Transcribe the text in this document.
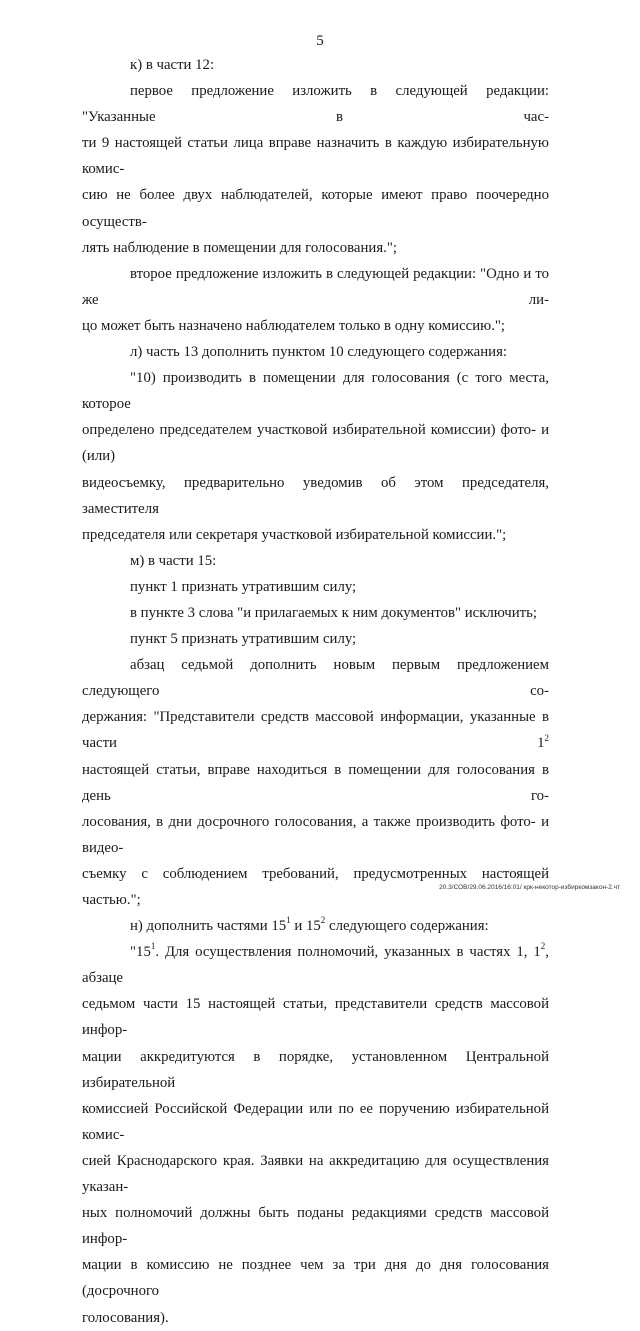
5

к) в части 12:

первое предложение изложить в следующей редакции: "Указанные в час-

ти 9 настоящей статьи лица вправе назначить в каждую избирательную комис-
сию не более двух наблюдателей, которые имеют право поочередно осуществ-
лять наблюдение в помещении для голосования.";

второе предложение изложить в следующей редакции: "Одно и то же ли-

цо может быть назначено наблюдателем только в одну комиссию.";

л) часть 13 дополнить пунктом 10 следующего содержания:

"10) производить в помещении для голосования (с того места, которое

определено председателем участковой избирательной комиссии) фото- и (или)
видеосъемку, предварительно уведомив об этом председателя, заместителя
председателя или секретаря участковой избирательной комиссии.";

м) в части 15:

пункт 1 признать утратившим силу;

в пункте 3 слова "и прилагаемых к ним документов" исключить;

пункт 5 признать утратившим силу;

абзац седьмой дополнить новым первым предложением следующего со-

держания: "Представители средств массовой информации, указанные в части $1^2$
настоящей статьи, вправе находиться в помещении для голосования в день го-
лосования, в дни досрочного голосования, а также производить фото- и видео-
съемку с соблюдением требований, предусмотренных настоящей частью.";

н) дополнить частями $15^1$ и $15^2$ следующего содержания:

"$15^1$. Для осуществления полномочий, указанных в частях 1, $1^2$, абзаце

седьмом части 15 настоящей статьи, представители средств массовой инфор-
мации аккредитуются в порядке, установленном Центральной избирательной
комиссией Российской Федерации или по ее поручению избирательной комис-
сией Краснодарского края. Заявки на аккредитацию для осуществления указан-
ных полномочий должны быть поданы редакциями средств массовой инфор-
мации в комиссию не позднее чем за три дня до дня голосования (досрочного
голосования).

20.3/СОВ/29.06.2016/16:01/ крк-некотор-избиркомзакон-2.чт
